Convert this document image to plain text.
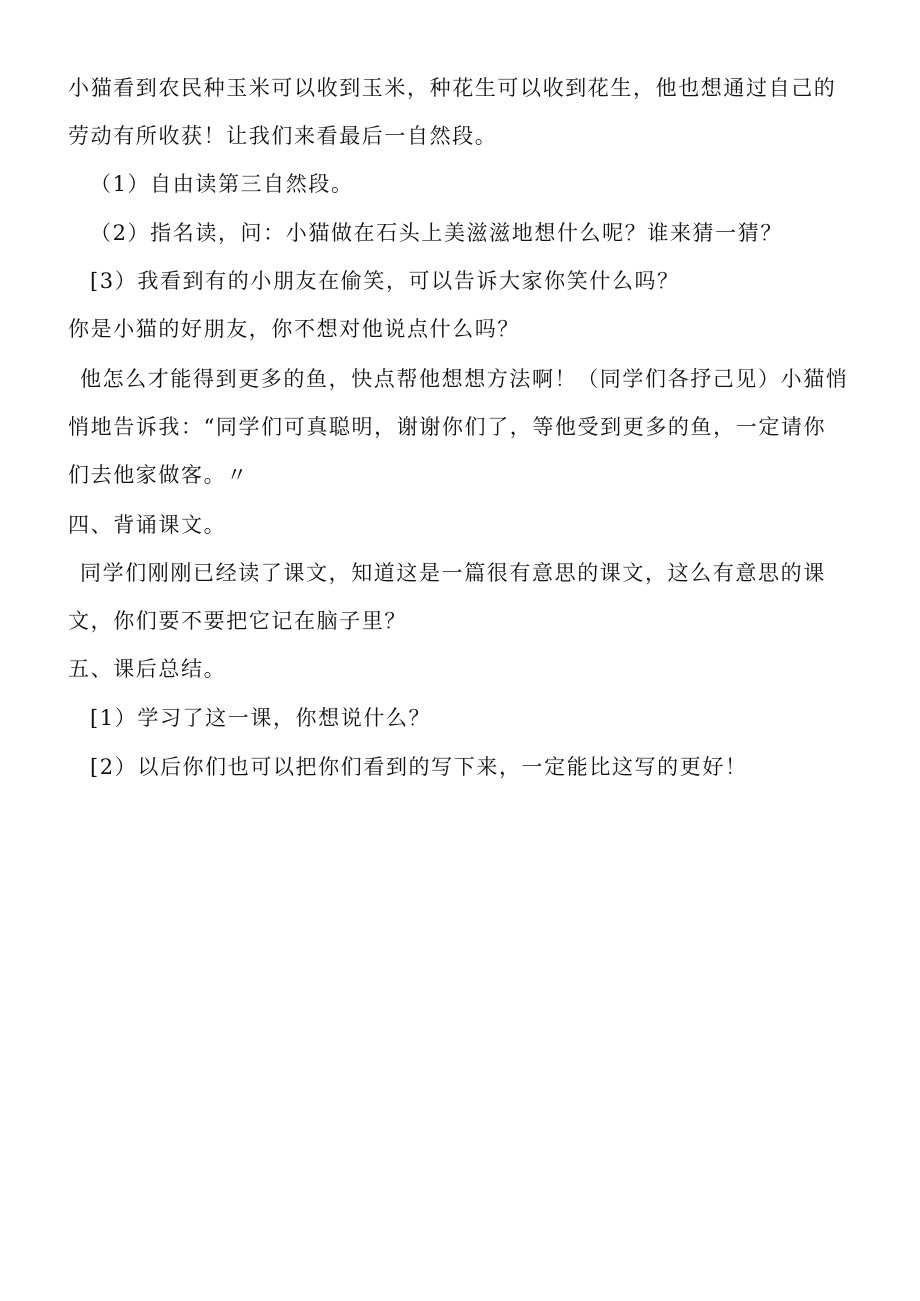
小猫看到农民种玉米可以收到玉米，种花生可以收到花生，他也想通过自己的
劳动有所收获！让我们来看最后一自然段。
（1）自由读第三自然段。
（2）指名读，问：小猫做在石头上美滋滋地想什么呢？谁来猜一猜？
[3）我看到有的小朋友在偷笑，可以告诉大家你笑什么吗？
你是小猫的好朋友，你不想对他说点什么吗？
他怎么才能得到更多的鱼，快点帮他想想方法啊！（同学们各抒己见）小猫悄
悄地告诉我：“同学们可真聪明，谢谢你们了，等他受到更多的鱼，一定请你
们去他家做客。〃
四、背诵课文。
同学们刚刚已经读了课文，知道这是一篇很有意思的课文，这么有意思的课
文，你们要不要把它记在脑子里？
五、课后总结。
[1）学习了这一课，你想说什么？
[2）以后你们也可以把你们看到的写下来，一定能比这写的更好！
